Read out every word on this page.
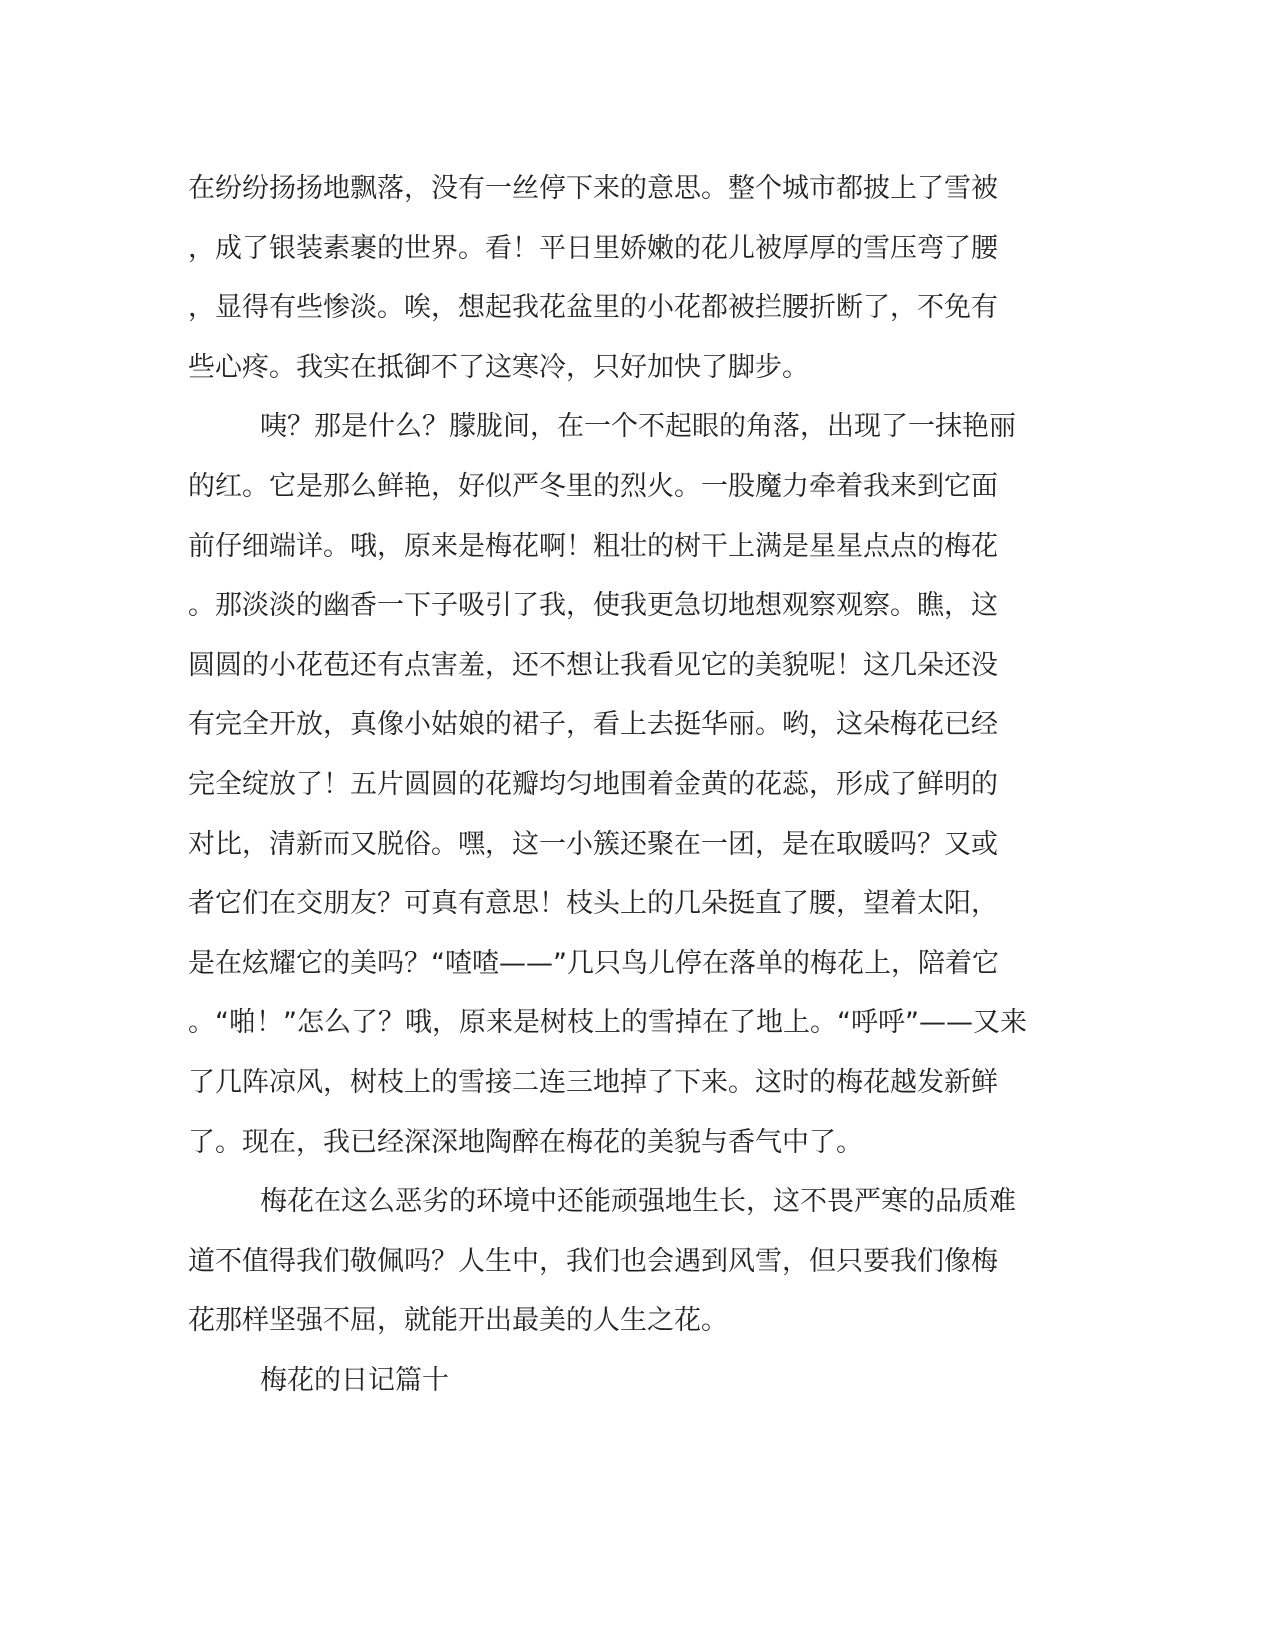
在纷纷扬扬地飘落，没有一丝停下来的意思。整个城市都披上了雪被
，成了银装素裹的世界。看！平日里娇嫩的花儿被厚厚的雪压弯了腰
，显得有些惨淡。唉，想起我花盆里的小花都被拦腰折断了，不免有
些心疼。我实在抵御不了这寒冷，只好加快了脚步。
咦？那是什么？朦胧间，在一个不起眼的角落，出现了一抹艳丽
的红。它是那么鲜艳，好似严冬里的烈火。一股魔力牵着我来到它面
前仔细端详。哦，原来是梅花啊！粗壮的树干上满是星星点点的梅花
。那淡淡的幽香一下子吸引了我，使我更急切地想观察观察。瞧，这
圆圆的小花苞还有点害羞，还不想让我看见它的美貌呢！这几朵还没
有完全开放，真像小姑娘的裙子，看上去挺华丽。哟，这朵梅花已经
完全绽放了！五片圆圆的花瓣均匀地围着金黄的花蕊，形成了鲜明的
对比，清新而又脱俗。嘿，这一小簇还聚在一团，是在取暖吗？又或
者它们在交朋友？可真有意思！枝头上的几朵挺直了腰，望着太阳，
是在炫耀它的美吗？“喳喳——”几只鸟儿停在落单的梅花上，陪着它
。“啪！”怎么了？哦，原来是树枝上的雪掉在了地上。“呼呼”——又来
了几阵凉风，树枝上的雪接二连三地掉了下来。这时的梅花越发新鲜
了。现在，我已经深深地陶醉在梅花的美貌与香气中了。
梅花在这么恶劣的环境中还能顽强地生长，这不畏严寒的品质难
道不值得我们敬佩吗？人生中，我们也会遇到风雪，但只要我们像梅
花那样坚强不屈，就能开出最美的人生之花。
梅花的日记篇十
